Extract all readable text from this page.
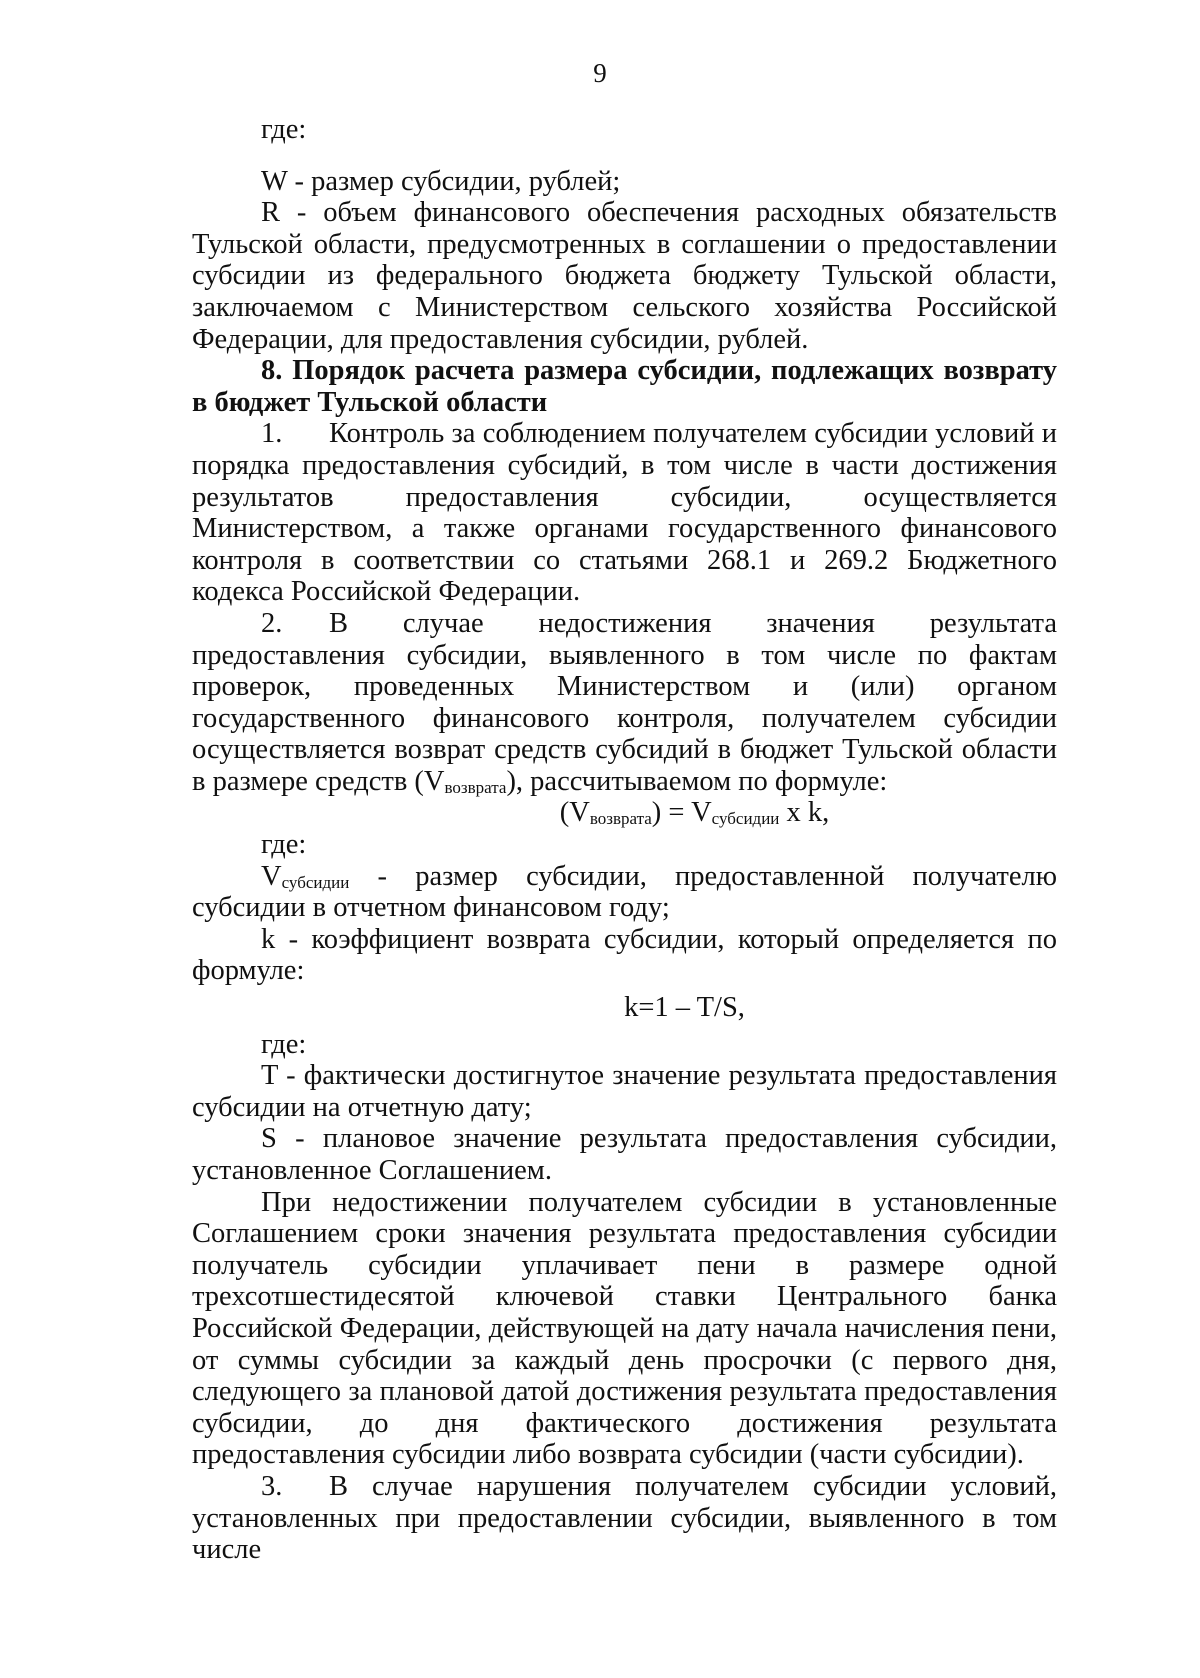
9

где:

W - размер субсидии, рублей;

R - объем финансового обеспечения расходных обязательств Тульской области, предусмотренных в соглашении о предоставлении субсидии из федерального бюджета бюджету Тульской области, заключаемом с Министерством сельского хозяйства Российской Федерации, для предоставления субсидии, рублей.

8. Порядок расчета размера субсидии, подлежащих возврату в бюджет Тульской области

1. Контроль за соблюдением получателем субсидии условий и порядка предоставления субсидий, в том числе в части достижения результатов предоставления субсидии, осуществляется Министерством, а также органами государственного финансового контроля в соответствии со статьями 268.1 и 269.2 Бюджетного кодекса Российской Федерации.

2. В случае недостижения значения результата предоставления субсидии, выявленного в том числе по фактам проверок, проведенных Министерством и (или) органом государственного финансового контроля, получателем субсидии осуществляется возврат средств субсидий в бюджет Тульской области в размере средств $(V_{возврата})$, рассчитываемом по формуле:

$(V_{возврата}) = V_{субсидии}$ x k,

где:

$V_{субсидии}$ - размер субсидии, предоставленной получателю субсидии в отчетном финансовом году;

k - коэффициент возврата субсидии, который определяется по формуле:

k=1 – T/S,

где:

T - фактически достигнутое значение результата предоставления субсидии на отчетную дату;

S - плановое значение результата предоставления субсидии, установленное Соглашением.

При недостижении получателем субсидии в установленные Соглашением сроки значения результата предоставления субсидии получатель субсидии уплачивает пени в размере одной трехсотшестидесятой ключевой ставки Центрального банка Российской Федерации, действующей на дату начала начисления пени, от суммы субсидии за каждый день просрочки (с первого дня, следующего за плановой датой достижения результата предоставления субсидии, до дня фактического достижения результата предоставления субсидии либо возврата субсидии (части субсидии).

3. В случае нарушения получателем субсидии условий, установленных при предоставлении субсидии, выявленного в том числе
